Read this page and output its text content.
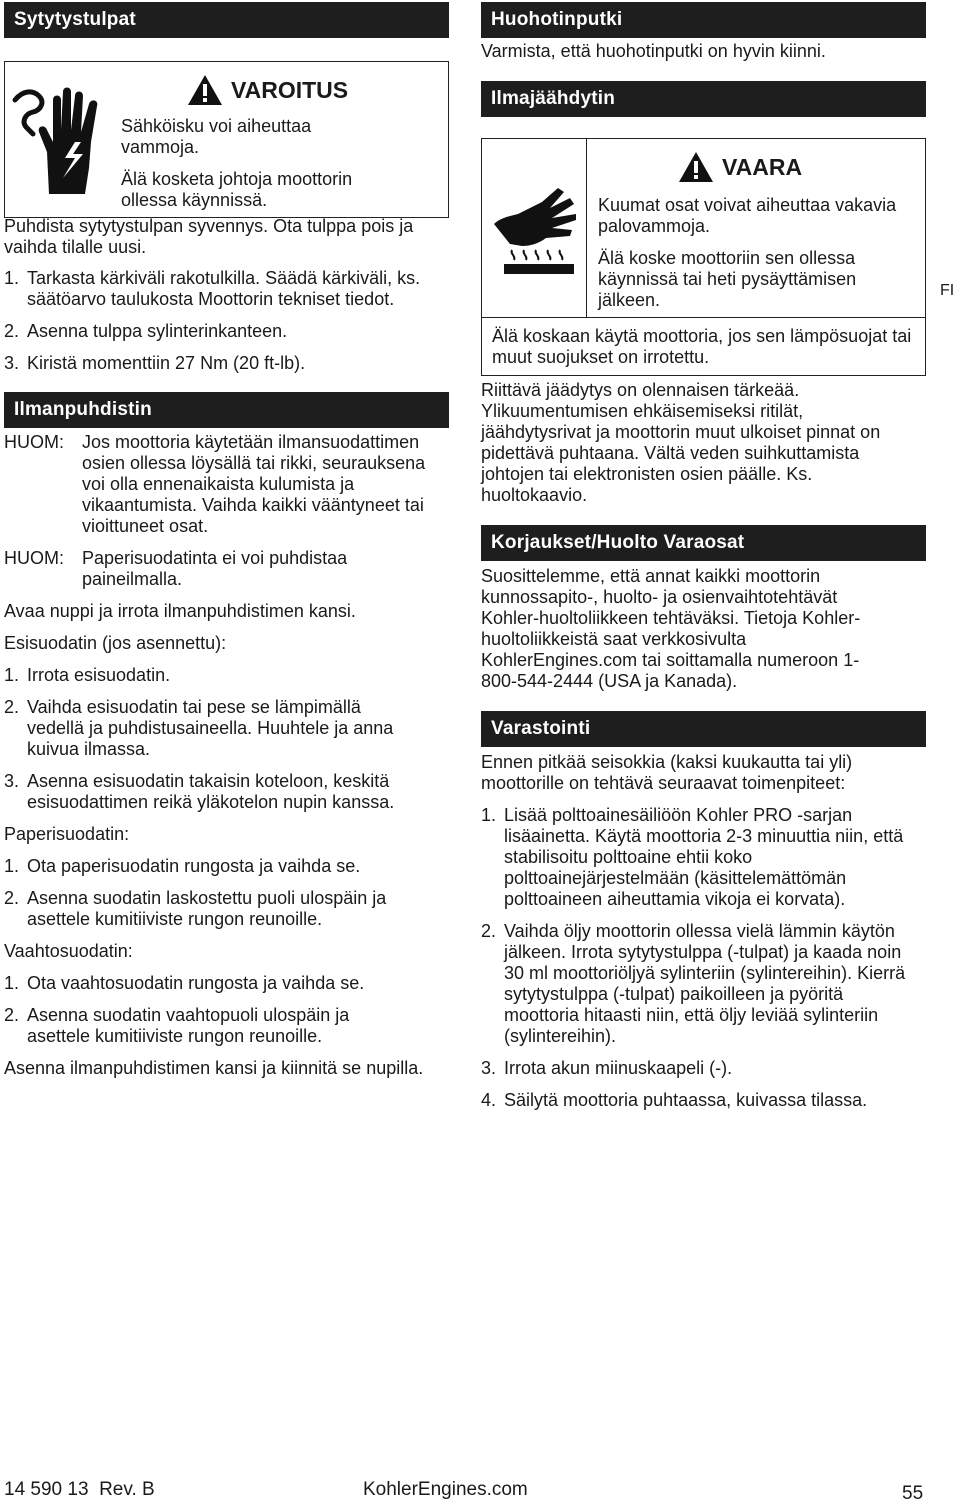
Sytytystulpat
VAROITUS

Sähköisku voi aiheuttaa vammoja.

Älä kosketa johtoja moottorin ollessa käynnissä.

Puhdista sytytystulpan syvennys. Ota tulppa pois ja vaihda tilalle uusi.

1. Tarkasta kärkiväli rakotulkilla. Säädä kärkiväli, ks. säätöarvo taulukosta Moottorin tekniset tiedot.
2. Asenna tulppa sylinterinkanteen.
3. Kiristä momenttiin 27 Nm (20 ft-lb).
Ilmanpuhdistin
HUOM:	Jos moottoria käytetään ilmansuodattimen osien ollessa löysällä tai rikki, seurauksena voi olla ennenaikaista kulumista ja vikaantumista. Vaihda kaikki vääntyneet tai vioittuneet osat.
HUOM:	Paperisuodatinta ei voi puhdistaa paineilmalla.

Avaa nuppi ja irrota ilmanpuhdistimen kansi.

Esisuodatin (jos asennettu):

1. Irrota esisuodatin.
2. Vaihda esisuodatin tai pese se lämpimällä vedellä ja puhdistusaineella. Huuhtele ja anna kuivua ilmassa.
3. Asenna esisuodatin takaisin koteloon, keskitä esisuodattimen reikä yläkotelon nupin kanssa.

Paperisuodatin:

1. Ota paperisuodatin rungosta ja vaihda se.
2. Asenna suodatin laskostettu puoli ulospäin ja asettele kumitiiviste rungon reunoille.

Vaahtosuodatin:

1. Ota vaahtosuodatin rungosta ja vaihda se.
2. Asenna suodatin vaahtopuoli ulospäin ja asettele kumitiiviste rungon reunoille.

Asenna ilmanpuhdistimen kansi ja kiinnitä se nupilla.

Huohotinputki

Varmista, että huohotinputki on hyvin kiinni.

Ilmajäähdytin
VAARA

Kuumat osat voivat aiheuttaa vakavia palovammoja.

Älä koske moottoriin sen ollessa käynnissä tai heti pysäyttämisen jälkeen.

Älä koskaan käytä moottoria, jos sen lämpösuojat tai muut suojukset on irrotettu.

Riittävä jäädytys on olennaisen tärkeää. Ylikuumentumisen ehkäisemiseksi ritilät, jäähdytysrivat ja moottorin muut ulkoiset pinnat on pidettävä puhtaana. Vältä veden suihkuttamista johtojen tai elektronisten osien päälle. Ks. huoltokaavio.

Korjaukset/Huolto Varaosat

Suosittelemme, että annat kaikki moottorin kunnossapito-, huolto- ja osienvaihtotehtävät Kohler-huoltoliikkeen tehtäväksi. Tietoja Kohler-huoltoliikkeistä saat verkkosivulta KohlerEngines.com tai soittamalla numeroon 1-800-544-2444 (USA ja Kanada).

Varastointi

Ennen pitkää seisokkia (kaksi kuukautta tai yli) moottorille on tehtävä seuraavat toimenpiteet:

1. Lisää polttoainesäiliöön Kohler PRO -sarjan lisäainetta. Käytä moottoria 2-3 minuuttia niin, että stabilisoitu polttoaine ehtii koko polttoainejärjestelmään (käsittelemättömän polttoaineen aiheuttamia vikoja ei korvata).
2. Vaihda öljy moottorin ollessa vielä lämmin käytön jälkeen. Irrota sytytystulppa (-tulpat) ja kaada noin 30 ml moottoriöljyä sylinteriin (sylintereihin). Kierrä sytytystulppa (-tulpat) paikoilleen ja pyöritä moottoria hitaasti niin, että öljy leviää sylinteriin (sylintereihin).
3. Irrota akun miinuskaapeli (-).
4. Säilytä moottoria puhtaassa, kuivassa tilassa.
FI
14 590 13  Rev. B	KohlerEngines.com	55
